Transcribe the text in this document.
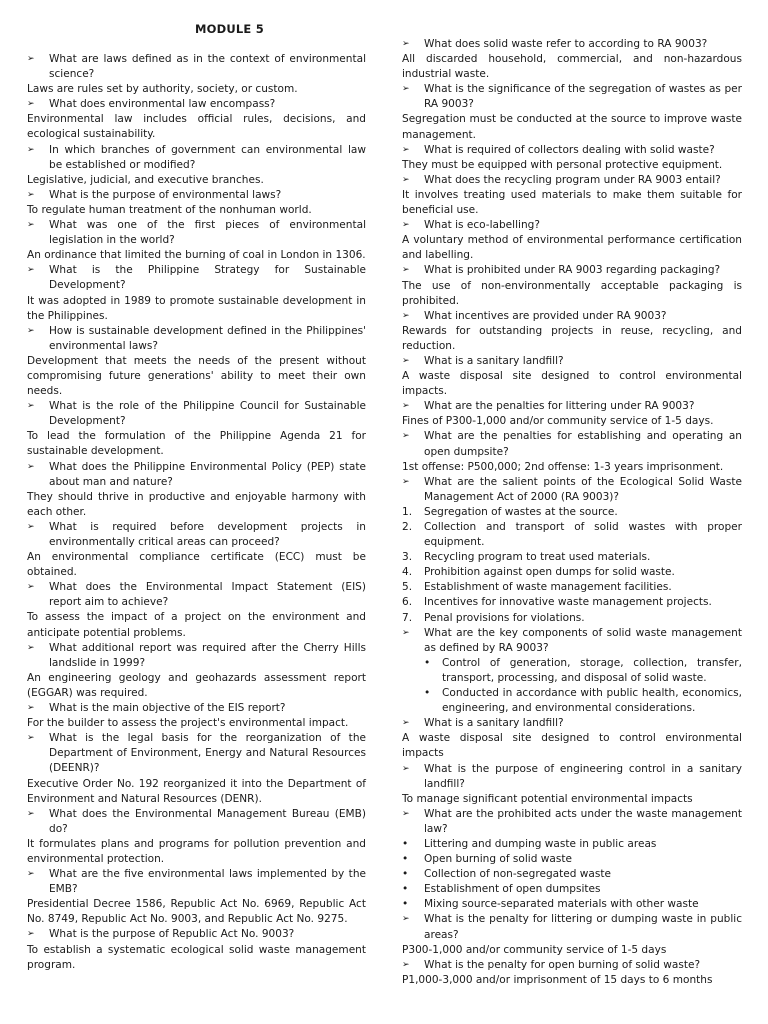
MODULE 5
➢ What are laws defined as in the context of environmental science?
Laws are rules set by authority, society, or custom.
➢ What does environmental law encompass?
Environmental law includes official rules, decisions, and ecological sustainability.
➢ In which branches of government can environmental law be established or modified?
Legislative, judicial, and executive branches.
➢ What is the purpose of environmental laws?
To regulate human treatment of the nonhuman world.
➢ What was one of the first pieces of environmental legislation in the world?
An ordinance that limited the burning of coal in London in 1306.
➢ What is the Philippine Strategy for Sustainable Development?
It was adopted in 1989 to promote sustainable development in the Philippines.
➢ How is sustainable development defined in the Philippines' environmental laws?
Development that meets the needs of the present without compromising future generations' ability to meet their own needs.
➢ What is the role of the Philippine Council for Sustainable Development?
To lead the formulation of the Philippine Agenda 21 for sustainable development.
➢ What does the Philippine Environmental Policy (PEP) state about man and nature?
They should thrive in productive and enjoyable harmony with each other.
➢ What is required before development projects in environmentally critical areas can proceed?
An environmental compliance certificate (ECC) must be obtained.
➢ What does the Environmental Impact Statement (EIS) report aim to achieve?
To assess the impact of a project on the environment and anticipate potential problems.
➢ What additional report was required after the Cherry Hills landslide in 1999?
An engineering geology and geohazards assessment report (EGGAR) was required.
➢ What is the main objective of the EIS report?
For the builder to assess the project's environmental impact.
➢ What is the legal basis for the reorganization of the Department of Environment, Energy and Natural Resources (DEENR)?
Executive Order No. 192 reorganized it into the Department of Environment and Natural Resources (DENR).
➢ What does the Environmental Management Bureau (EMB) do?
It formulates plans and programs for pollution prevention and environmental protection.
➢ What are the five environmental laws implemented by the EMB?
Presidential Decree 1586, Republic Act No. 6969, Republic Act No. 8749, Republic Act No. 9003, and Republic Act No. 9275.
➢ What is the purpose of Republic Act No. 9003?
To establish a systematic ecological solid waste management program.
➢ What does solid waste refer to according to RA 9003?
All discarded household, commercial, and non-hazardous industrial waste.
➢ What is the significance of the segregation of wastes as per RA 9003?
Segregation must be conducted at the source to improve waste management.
➢ What is required of collectors dealing with solid waste?
They must be equipped with personal protective equipment.
➢ What does the recycling program under RA 9003 entail?
It involves treating used materials to make them suitable for beneficial use.
➢ What is eco-labelling?
A voluntary method of environmental performance certification and labelling.
➢ What is prohibited under RA 9003 regarding packaging?
The use of non-environmentally acceptable packaging is prohibited.
➢ What incentives are provided under RA 9003?
Rewards for outstanding projects in reuse, recycling, and reduction.
➢ What is a sanitary landfill?
A waste disposal site designed to control environmental impacts.
➢ What are the penalties for littering under RA 9003?
Fines of P300-1,000 and/or community service of 1-5 days.
➢ What are the penalties for establishing and operating an open dumpsite?
1st offense: P500,000; 2nd offense: 1-3 years imprisonment.
➢ What are the salient points of the Ecological Solid Waste Management Act of 2000 (RA 9003)?
1. Segregation of wastes at the source.
2. Collection and transport of solid wastes with proper equipment.
3. Recycling program to treat used materials.
4. Prohibition against open dumps for solid waste.
5. Establishment of waste management facilities.
6. Incentives for innovative waste management projects.
7. Penal provisions for violations.
➢ What are the key components of solid waste management as defined by RA 9003?
• Control of generation, storage, collection, transfer, transport, processing, and disposal of solid waste.
• Conducted in accordance with public health, economics, engineering, and environmental considerations.
➢ What is a sanitary landfill?
A waste disposal site designed to control environmental impacts
➢ What is the purpose of engineering control in a sanitary landfill?
To manage significant potential environmental impacts
➢ What are the prohibited acts under the waste management law?
• Littering and dumping waste in public areas
• Open burning of solid waste
• Collection of non-segregated waste
• Establishment of open dumpsites
• Mixing source-separated materials with other waste
➢ What is the penalty for littering or dumping waste in public areas?
P300-1,000 and/or community service of 1-5 days
➢ What is the penalty for open burning of solid waste?
P1,000-3,000 and/or imprisonment of 15 days to 6 months
